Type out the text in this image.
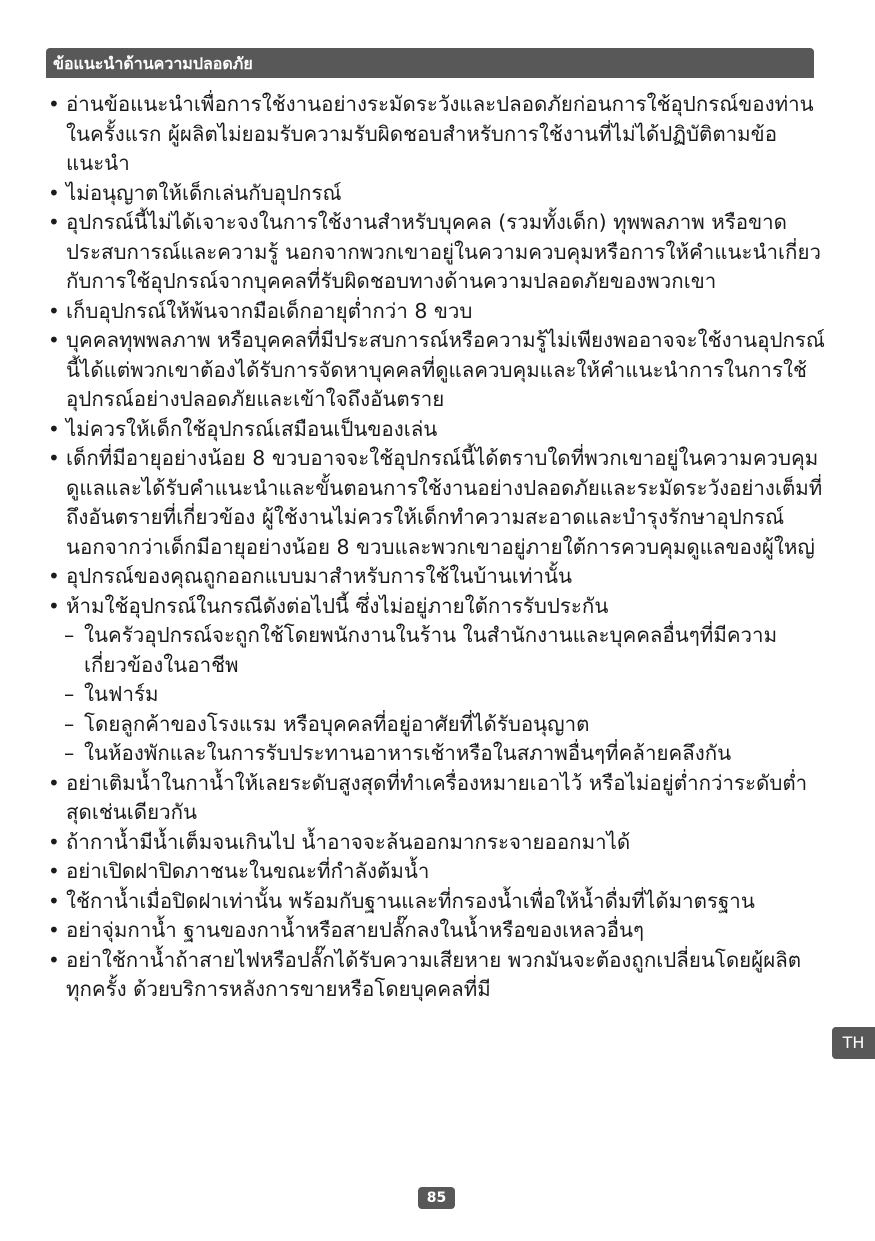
ข้อแนะนำด้านความปลอดภัย
• อ่านข้อแนะนำเพื่อการใช้งานอย่างระมัดระวังและปลอดภัยก่อนการใช้อุปกรณ์ของท่านในครั้งแรก ผู้ผลิตไม่ยอมรับความรับผิดชอบสำหรับการใช้งานที่ไม่ได้ปฏิบัติตามข้อแนะนำ
• ไม่อนุญาตให้เด็กเล่นกับอุปกรณ์
• อุปกรณ์นี้ไม่ได้เจาะจงในการใช้งานสำหรับบุคคล (รวมทั้งเด็ก) ทุพพลภาพ หรือขาดประสบการณ์และความรู้ นอกจากพวกเขาอยู่ในความควบคุมหรือการให้คำแนะนำเกี่ยวกับการใช้อุปกรณ์จากบุคคลที่รับผิดชอบทางด้านความปลอดภัยของพวกเขา
• เก็บอุปกรณ์ให้พ้นจากมือเด็กอายุต่ำกว่า 8 ขวบ
• บุคคลทุพพลภาพ หรือบุคคลที่มีประสบการณ์หรือความรู้ไม่เพียงพออาจจะใช้งานอุปกรณ์นี้ได้แต่พวกเขาต้องได้รับการจัดหาบุคคลที่ดูแลควบคุมและให้คำแนะนำการในการใช้อุปกรณ์อย่างปลอดภัยและเข้าใจถึงอันตราย
• ไม่ควรให้เด็กใช้อุปกรณ์เสมือนเป็นของเล่น
• เด็กที่มีอายุอย่างน้อย 8 ขวบอาจจะใช้อุปกรณ์นี้ได้ตราบใดที่พวกเขาอยู่ในความควบคุมดูแลและได้รับคำแนะนำและขั้นตอนการใช้งานอย่างปลอดภัยและระมัดระวังอย่างเต็มที่ถึงอันตรายที่เกี่ยวข้อง ผู้ใช้งานไม่ควรให้เด็กทำความสะอาดและบำรุงรักษาอุปกรณ์ นอกจากว่าเด็กมีอายุอย่างน้อย 8 ขวบและพวกเขาอยู่ภายใต้การควบคุมดูแลของผู้ใหญ่
• อุปกรณ์ของคุณถูกออกแบบมาสำหรับการใช้ในบ้านเท่านั้น
• ห้ามใช้อุปกรณ์ในกรณีดังต่อไปนี้ ซึ่งไม่อยู่ภายใต้การรับประกัน
– ในครัวอุปกรณ์จะถูกใช้โดยพนักงานในร้าน ในสำนักงานและบุคคลอื่นๆที่มีความเกี่ยวข้องในอาชีพ
– ในฟาร์ม
– โดยลูกค้าของโรงแรม หรือบุคคลที่อยู่อาศัยที่ได้รับอนุญาต
– ในห้องพักและในการรับประทานอาหารเช้าหรือในสภาพอื่นๆที่คล้ายคลึงกัน
• อย่าเติมน้ำในกาน้ำให้เลยระดับสูงสุดที่ทำเครื่องหมายเอาไว้ หรือไม่อยู่ต่ำกว่าระดับต่ำสุดเช่นเดียวกัน
• ถ้ากาน้ำมีน้ำเต็มจนเกินไป น้ำอาจจะล้นออกมากระจายออกมาได้
• อย่าเปิดฝาปิดภาชนะในขณะที่กำลังต้มน้ำ
• ใช้กาน้ำเมื่อปิดฝาเท่านั้น พร้อมกับฐานและที่กรองน้ำเพื่อให้น้ำดื่มที่ได้มาตรฐาน
• อย่าจุ่มกาน้ำ ฐานของกาน้ำหรือสายปลั๊กลงในน้ำหรือของเหลวอื่นๆ
• อย่าใช้กาน้ำถ้าสายไฟหรือปลั๊กได้รับความเสียหาย พวกมันจะต้องถูกเปลี่ยนโดยผู้ผลิตทุกครั้ง ด้วยบริการหลังการขายหรือโดยบุคคลที่มี
TH
85
